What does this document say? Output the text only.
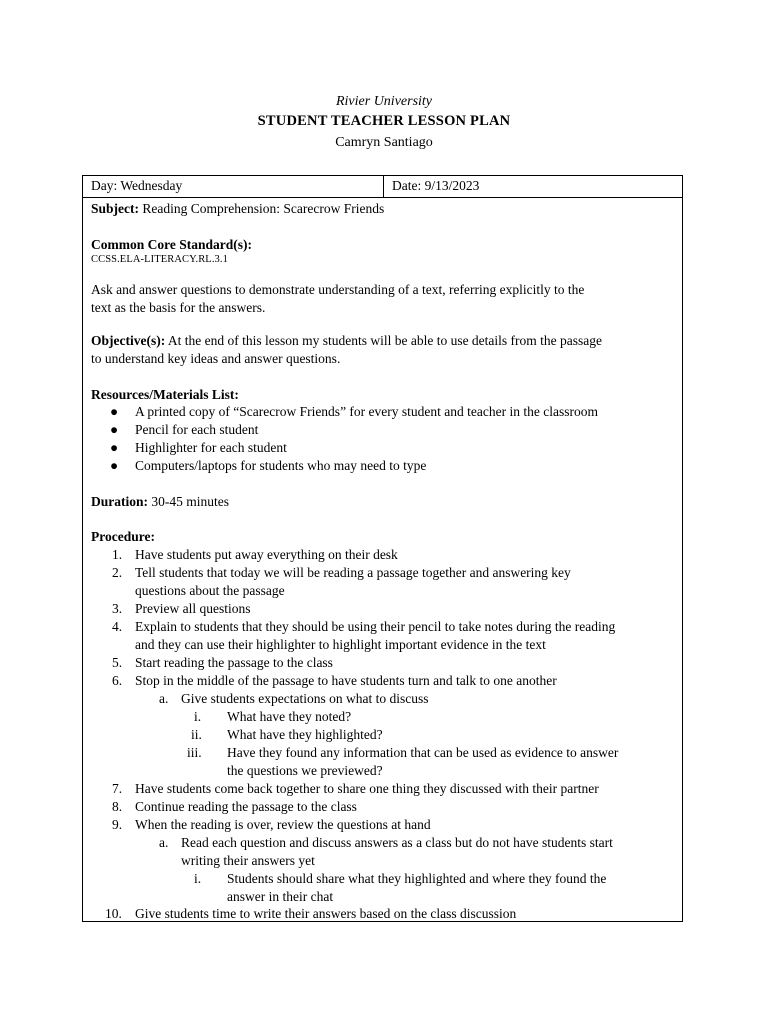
Rivier University
STUDENT TEACHER LESSON PLAN
Camryn Santiago
Day: Wednesday	Date: 9/13/2023
Subject: Reading Comprehension: Scarecrow Friends
Common Core Standard(s):
CCSS.ELA-LITERACY.RL.3.1
Ask and answer questions to demonstrate understanding of a text, referring explicitly to the
text as the basis for the answers.
Objective(s): At the end of this lesson my students will be able to use details from the passage
to understand key ideas and answer questions.
Resources/Materials List:
● A printed copy of “Scarecrow Friends” for every student and teacher in the classroom
● Pencil for each student
● Highlighter for each student
● Computers/laptops for students who may need to type
Duration: 30-45 minutes
Procedure:
1. Have students put away everything on their desk
2. Tell students that today we will be reading a passage together and answering key
questions about the passage
3. Preview all questions
4. Explain to students that they should be using their pencil to take notes during the reading
and they can use their highlighter to highlight important evidence in the text
5. Start reading the passage to the class
6. Stop in the middle of the passage to have students turn and talk to one another
a. Give students expectations on what to discuss
i. What have they noted?
ii. What have they highlighted?
iii. Have they found any information that can be used as evidence to answer
the questions we previewed?
7. Have students come back together to share one thing they discussed with their partner
8. Continue reading the passage to the class
9. When the reading is over, review the questions at hand
a. Read each question and discuss answers as a class but do not have students start
writing their answers yet
i. Students should share what they highlighted and where they found the
answer in their chat
10. Give students time to write their answers based on the class discussion
